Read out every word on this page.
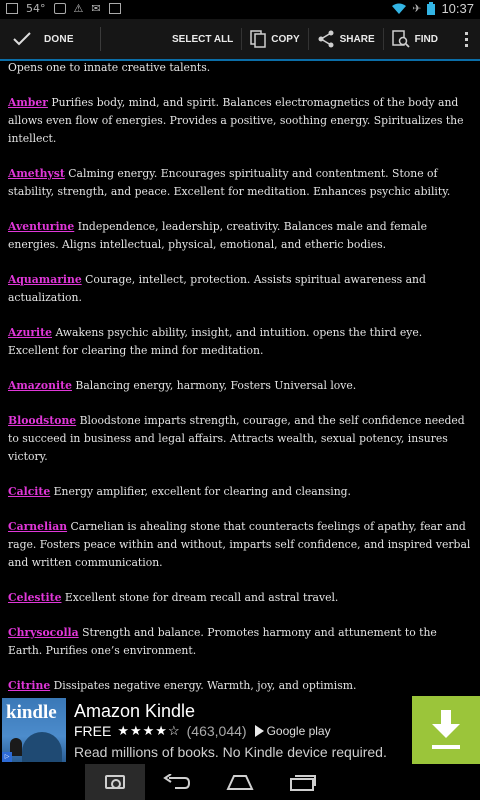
54°	⚠ ✉	✈ 10:37
DONE	SELECT ALL	COPY	SHARE	FIND

Opens one to innate creative talents.

Amber Purifies body, mind, and spirit. Balances electromagnetics of the body and allows even flow of energies. Provides a positive, soothing energy. Spiritualizes the intellect.

Amethyst Calming energy. Encourages spirituality and contentment. Stone of stability, strength, and peace. Excellent for meditation. Enhances psychic ability.

Aventurine Independence, leadership, creativity. Balances male and female energies. Aligns intellectual, physical, emotional, and etheric bodies.

Aquamarine Courage, intellect, protection. Assists spiritual awareness and actualization.

Azurite Awakens psychic ability, insight, and intuition. opens the third eye. Excellent for clearing the mind for meditation.

Amazonite Balancing energy, harmony, Fosters Universal love.

Bloodstone Bloodstone imparts strength, courage, and the self confidence needed to succeed in business and legal affairs. Attracts wealth, sexual potency, insures victory.

Calcite Energy amplifier, excellent for clearing and cleansing.

Carnelian Carnelian is ahealing stone that counteracts feelings of apathy, fear and rage. Fosters peace within and without, imparts self confidence, and inspired verbal and written communication.

Celestite Excellent stone for dream recall and astral travel.

Chrysocolla Strength and balance. Promotes harmony and attunement to the Earth. Purifies one’s environment.

Citrine Dissipates negative energy. Warmth, joy, and optimism.

kindle
▷
Amazon Kindle
FREE ★★★★☆ (463,044) Google play
Read millions of books. No Kindle device required.
